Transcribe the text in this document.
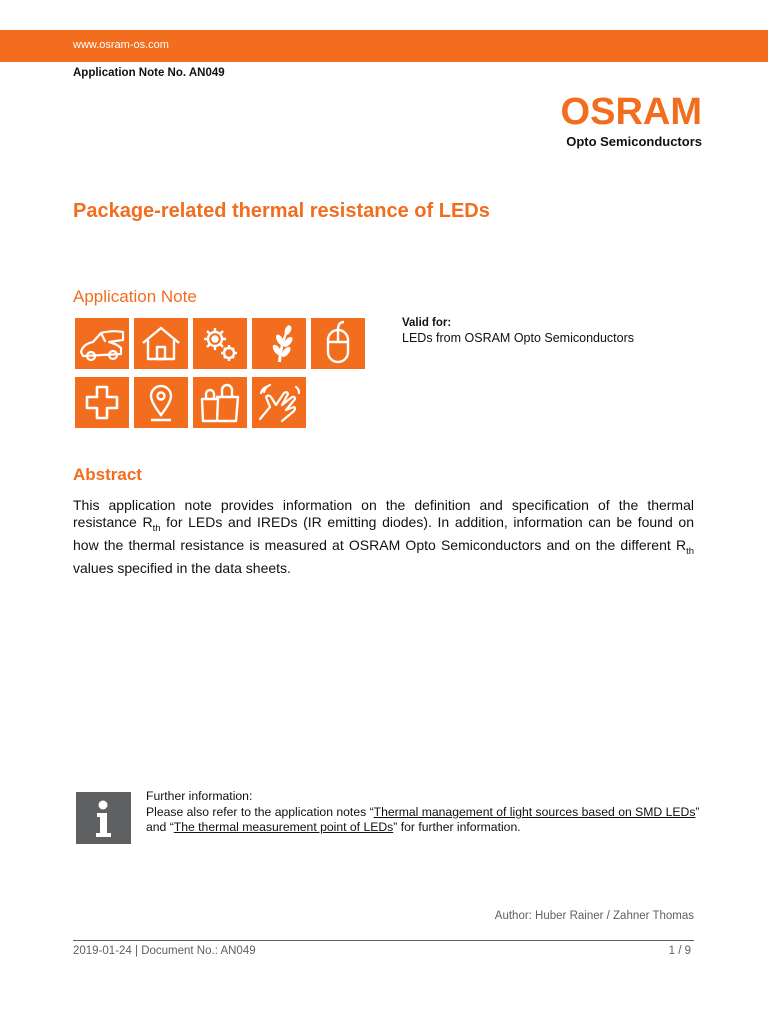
www.osram-os.com
Application Note No. AN049
OSRAM
Opto Semiconductors
Package-related thermal resistance of LEDs
Application Note
Valid for:
LEDs from OSRAM Opto Semiconductors
Abstract
This application note provides information on the definition and specification of the thermal resistance $R_{th}$ for LEDs and IREDs (IR emitting diodes). In addition, information can be found on how the thermal resistance is measured at OSRAM Opto Semiconductors and on the different $R_{th}$ values specified in the data sheets.
Further information:
Please also refer to the application notes “Thermal management of light sources based on SMD LEDs” and “The thermal measurement point of LEDs” for further information.
Author: Huber Rainer / Zahner Thomas
2019-01-24 | Document No.: AN049	1 / 9
